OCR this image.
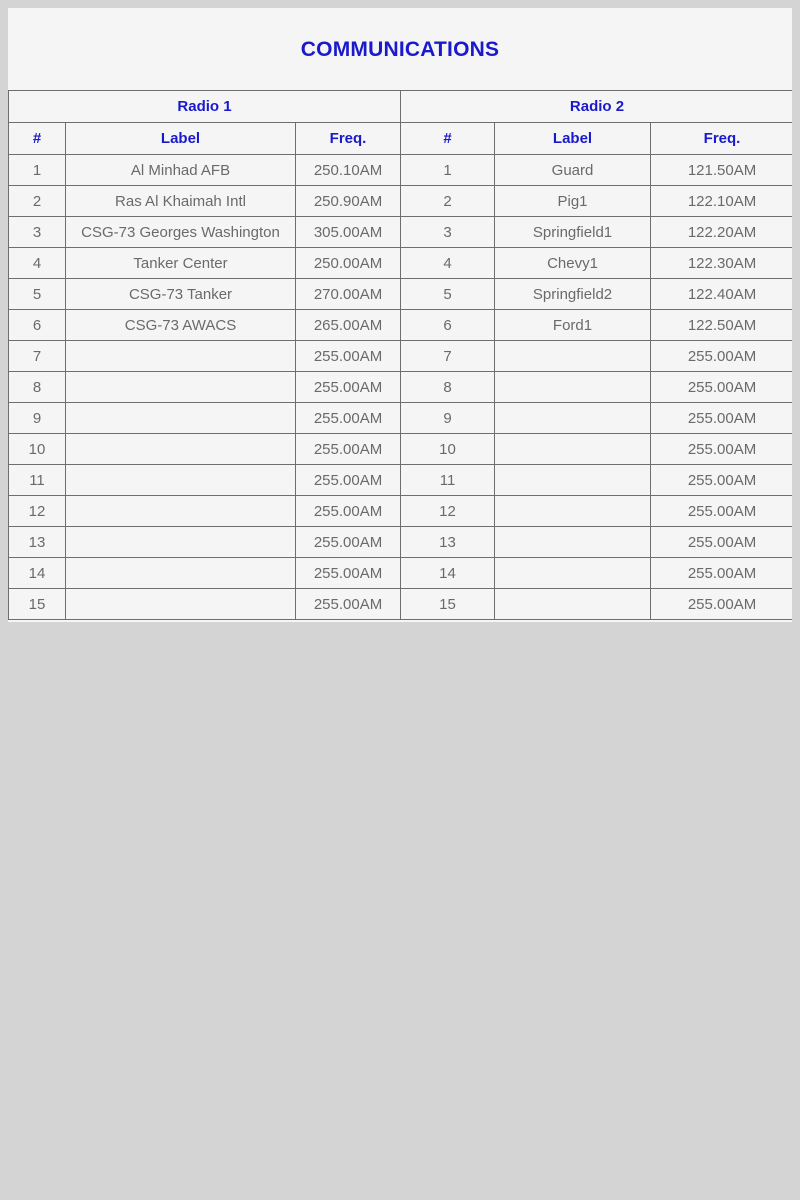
COMMUNICATIONS
Radio 1			Radio 2		
#	Label	Freq.	#	Label	Freq.
1	Al Minhad AFB	250.10AM	1	Guard	121.50AM
2	Ras Al Khaimah Intl	250.90AM	2	Pig1	122.10AM
3	CSG-73 Georges Washington	305.00AM	3	Springfield1	122.20AM
4	Tanker Center	250.00AM	4	Chevy1	122.30AM
5	CSG-73 Tanker	270.00AM	5	Springfield2	122.40AM
6	CSG-73 AWACS	265.00AM	6	Ford1	122.50AM
7		255.00AM	7		255.00AM
8		255.00AM	8		255.00AM
9		255.00AM	9		255.00AM
10		255.00AM	10		255.00AM
11		255.00AM	11		255.00AM
12		255.00AM	12		255.00AM
13		255.00AM	13		255.00AM
14		255.00AM	14		255.00AM
15		255.00AM	15		255.00AM
